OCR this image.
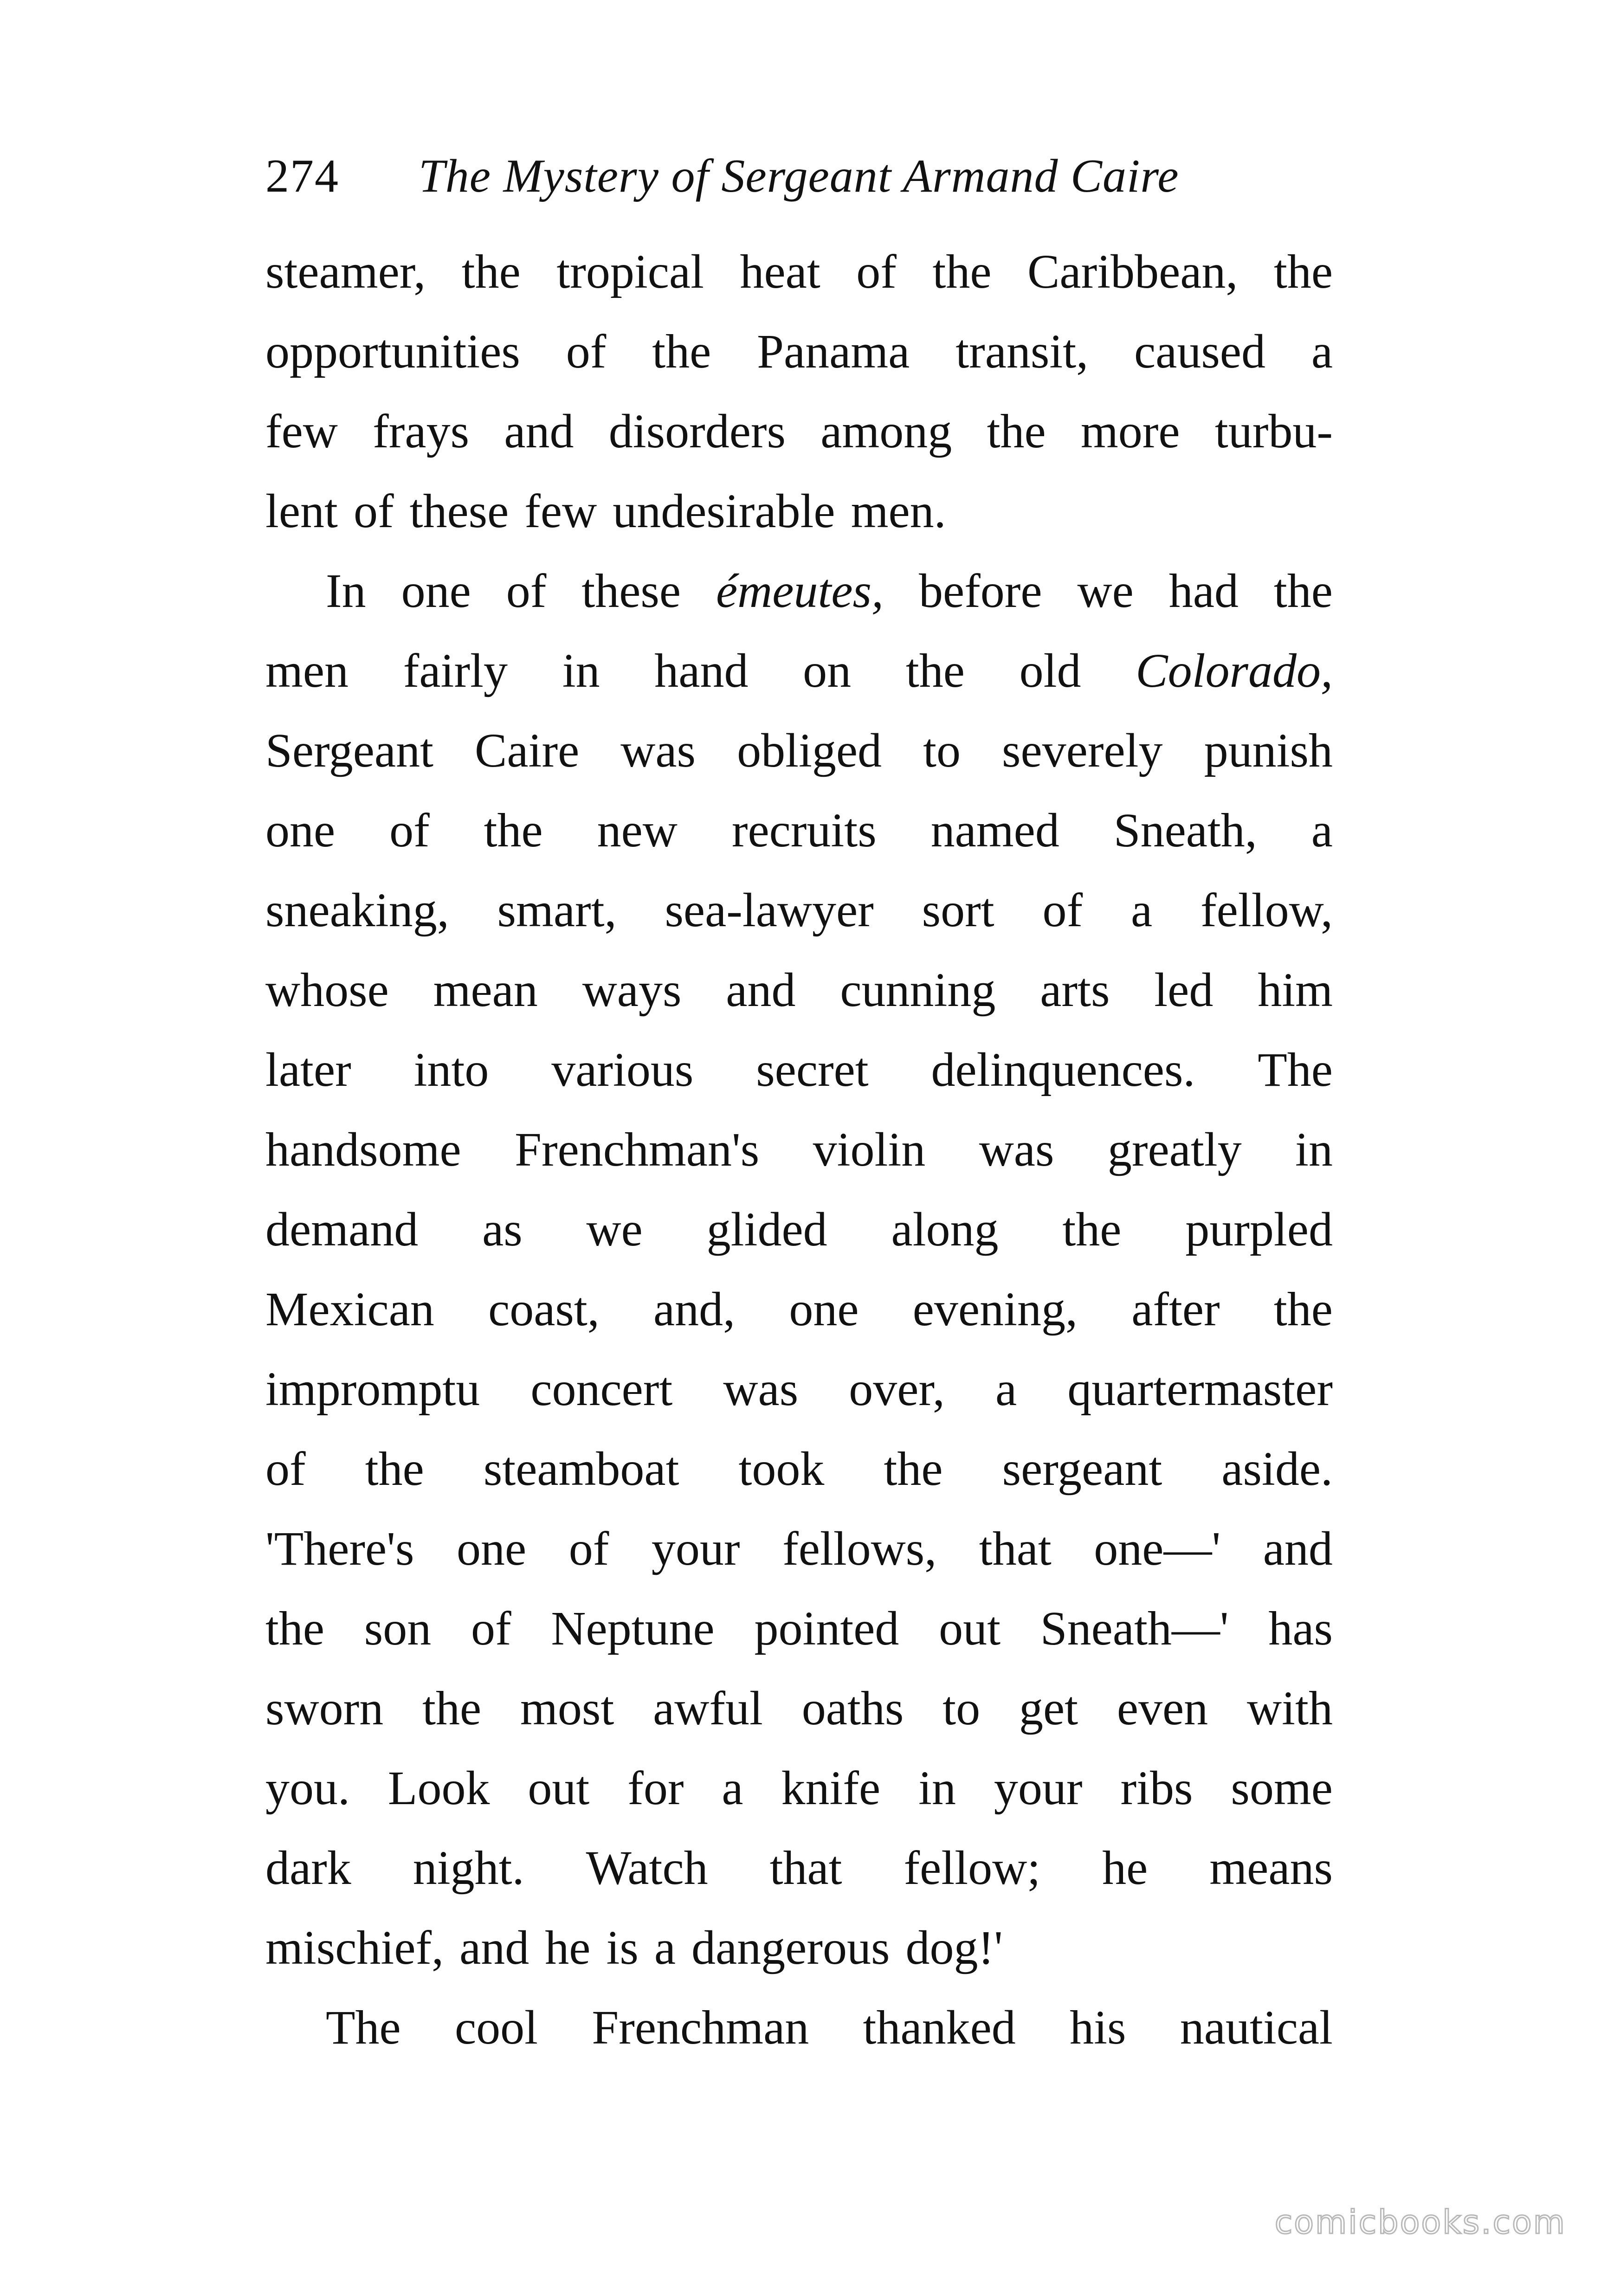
274 The Mystery of Sergeant Armand Caire
steamer, the tropical heat of the Caribbean, the
opportunities of the Panama transit, caused a
few frays and disorders among the more turbu-
lent of these few undesirable men.
In one of these émeutes, before we had the
men fairly in hand on the old Colorado,
Sergeant Caire was obliged to severely punish
one of the new recruits named Sneath, a
sneaking, smart, sea-lawyer sort of a fellow,
whose mean ways and cunning arts led him
later into various secret delinquences. The
handsome Frenchman's violin was greatly in
demand as we glided along the purpled
Mexican coast, and, one evening, after the
impromptu concert was over, a quartermaster
of the steamboat took the sergeant aside.
'There's one of your fellows, that one—' and
the son of Neptune pointed out Sneath—' has
sworn the most awful oaths to get even with
you. Look out for a knife in your ribs some
dark night. Watch that fellow; he means
mischief, and he is a dangerous dog!'
The cool Frenchman thanked his nautical
comicbooks.com
